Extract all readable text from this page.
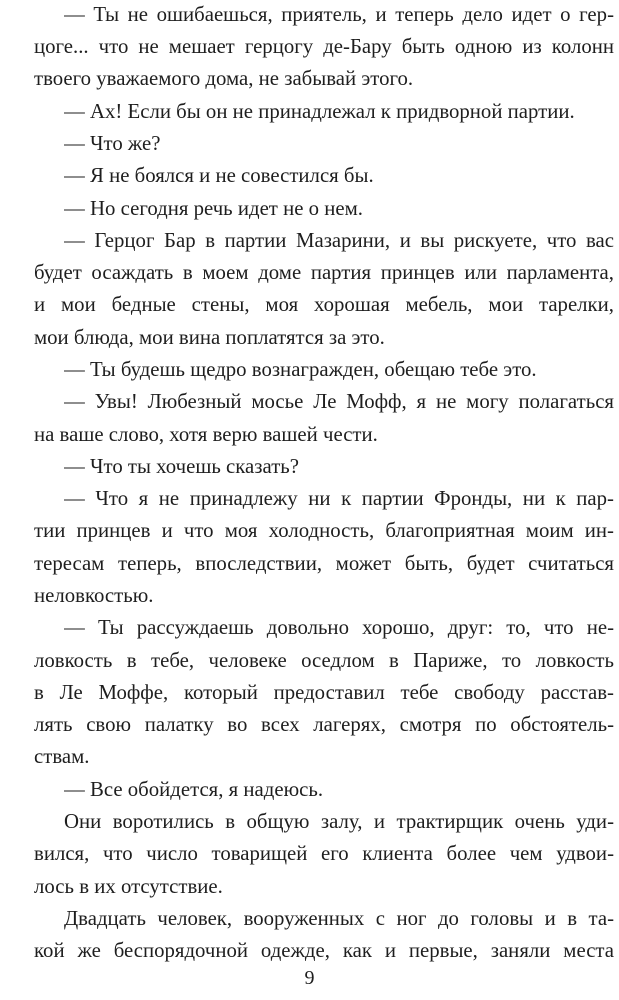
— Ты не ошибаешься, приятель, и теперь дело идет о гер-
цоге... что не мешает герцогу де-Бару быть одною из колонн
твоего уважаемого дома, не забывай этого.
— Ах! Если бы он не принадлежал к придворной партии.
— Что же?
— Я не боялся и не совестился бы.
— Но сегодня речь идет не о нем.
— Герцог Бар в партии Мазарини, и вы рискуете, что вас
будет осаждать в моем доме партия принцев или парламента,
и мои бедные стены, моя хорошая мебель, мои тарелки,
мои блюда, мои вина поплатятся за это.
— Ты будешь щедро вознагражден, обещаю тебе это.
— Увы! Любезный мосье Ле Мофф, я не могу полагаться
на ваше слово, хотя верю вашей чести.
— Что ты хочешь сказать?
— Что я не принадлежу ни к партии Фронды, ни к пар-
тии принцев и что моя холодность, благоприятная моим ин-
тересам теперь, впоследствии, может быть, будет считаться
неловкостью.
— Ты рассуждаешь довольно хорошо, друг: то, что не-
ловкость в тебе, человеке оседлом в Париже, то ловкость
в Ле Моффе, который предоставил тебе свободу расстав-
лять свою палатку во всех лагерях, смотря по обстоятель-
ствам.
— Все обойдется, я надеюсь.
Они воротились в общую залу, и трактирщик очень уди-
вился, что число товарищей его клиента более чем удвои-
лось в их отсутствие.
Двадцать человек, вооруженных с ног до головы и в та-
кой же беспорядочной одежде, как и первые, заняли места
9
